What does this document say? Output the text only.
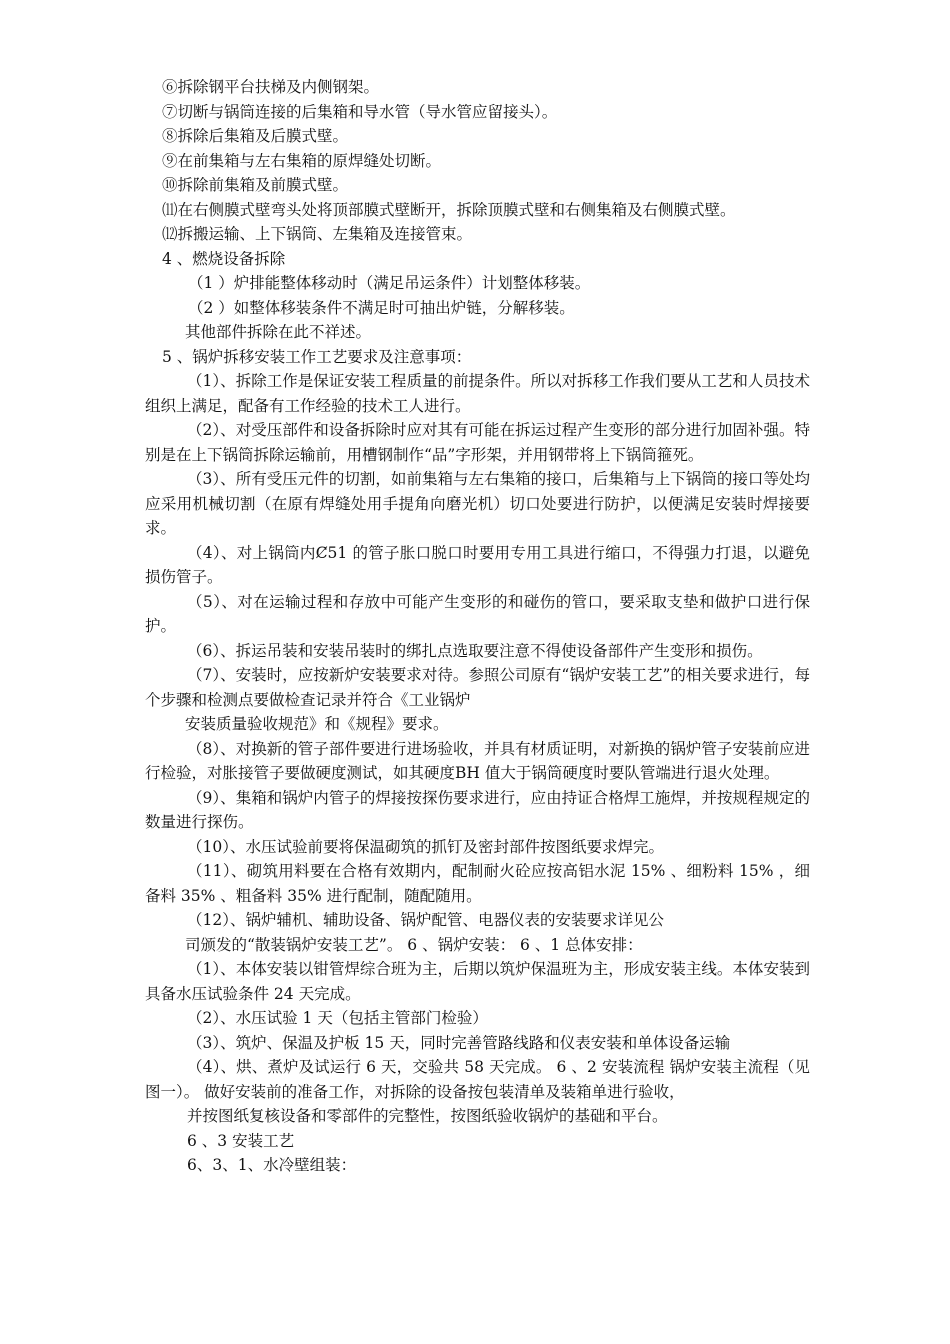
⑥拆除钢平台扶梯及内侧钢架。
⑦切断与锅筒连接的后集箱和导水管（导水管应留接头）。
⑧拆除后集箱及后膜式壁。
⑨在前集箱与左右集箱的原焊缝处切断。
⑩拆除前集箱及前膜式壁。
⑾在右侧膜式壁弯头处将顶部膜式壁断开，拆除顶膜式壁和右侧集箱及右侧膜式壁。
⑿拆搬运输、上下锅筒、左集箱及连接管束。
4 、燃烧设备拆除
（1 ）炉排能整体移动时（满足吊运条件）计划整体移装。
（2 ）如整体移装条件不满足时可抽出炉链，分解移装。
其他部件拆除在此不祥述。
5 、锅炉拆移安装工作工艺要求及注意事项：

（1）、拆除工作是保证安装工程质量的前提条件。所以对拆移工作我们要从工艺和人员技术组织上满足，配备有工作经验的技术工人进行。

（2）、对受压部件和设备拆除时应对其有可能在拆运过程产生变形的部分进行加固补强。特别是在上下锅筒拆除运输前，用槽钢制作“品”字形架，并用钢带将上下锅筒箍死。

（3）、所有受压元件的切割，如前集箱与左右集箱的接口，后集箱与上下锅筒的接口等处均应采用机械切割（在原有焊缝处用手提角向磨光机）切口处要进行防护，以便满足安装时焊接要求。

（4）、对上锅筒内Ȼ51 的管子胀口脱口时要用专用工具进行缩口，不得强力打退，以避免损伤管子。

（5）、对在运输过程和存放中可能产生变形的和碰伤的管口，要采取支垫和做护口进行保护。

（6）、拆运吊装和安装吊装时的绑扎点选取要注意不得使设备部件产生变形和损伤。

（7）、安装时，应按新炉安装要求对待。参照公司原有“锅炉安装工艺”的相关要求进行，每个步骤和检测点要做检查记录并符合《工业锅炉

安装质量验收规范》和《规程》要求。

（8）、对换新的管子部件要进行进场验收，并具有材质证明，对新换的锅炉管子安装前应进行检验，对胀接管子要做硬度测试，如其硬度BH 值大于锅筒硬度时要队管端进行退火处理。

（9）、集箱和锅炉内管子的焊接按探伤要求进行，应由持证合格焊工施焊，并按规程规定的数量进行探伤。

（10）、水压试验前要将保温砌筑的抓钉及密封部件按图纸要求焊完。

（11）、砌筑用料要在合格有效期内，配制耐火砼应按高铝水泥 15% 、细粉料 15% ，细备料 35% 、粗备料 35% 进行配制，随配随用。

（12）、锅炉辅机、辅助设备、锅炉配管、电器仪表的安装要求详见公

司颁发的“散装锅炉安装工艺”。 6 、锅炉安装： 6 、1 总体安排：

（1）、本体安装以钳管焊综合班为主，后期以筑炉保温班为主，形成安装主线。本体安装到具备水压试验条件 24 天完成。

（2）、水压试验 1 天（包括主管部门检验）

（3）、筑炉、保温及护板 15 天，同时完善管路线路和仪表安装和单体设备运输

（4）、烘、煮炉及试运行 6 天，交验共 58 天完成。 6 、2 安装流程 锅炉安装主流程（见图一）。 做好安装前的准备工作，对拆除的设备按包装清单及装箱单进行验收，

并按图纸复核设备和零部件的完整性，按图纸验收锅炉的基础和平台。

6 、3 安装工艺

6、3、1、水冷壁组装：
